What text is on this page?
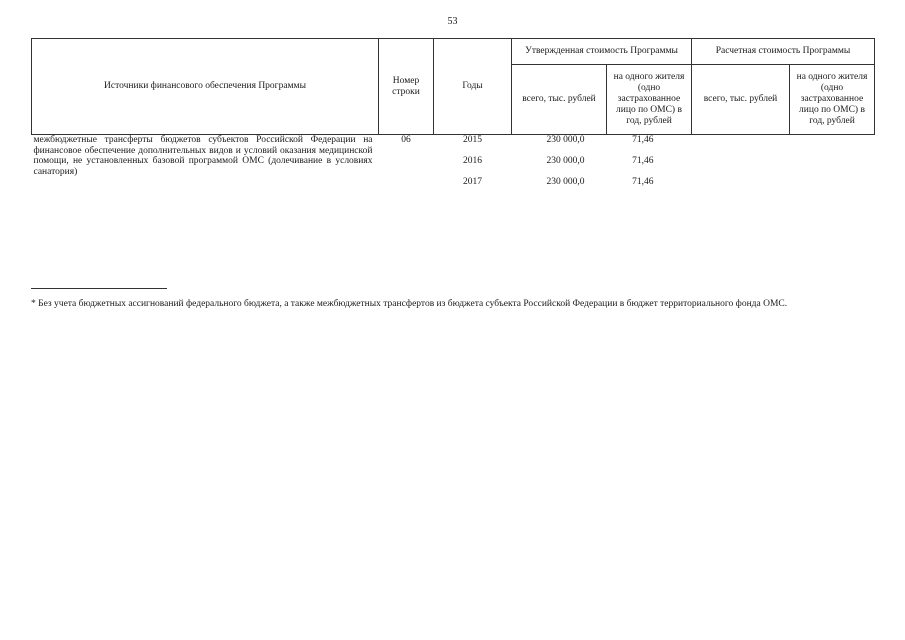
53
Источники финансового обеспечения Программы	Номер строки	Годы	Утвержденная стоимость Программы		Расчетная стоимость Программы	
			всего, тыс. рублей	на одного жителя (одно застрахованное лицо по ОМС) в год, рублей	всего, тыс. рублей	на одного жителя (одно застрахованное лицо по ОМС) в год, рублей
межбюджетные трансферты бюджетов субъектов Российской Федерации на финансовое обеспечение дополнительных видов и условий оказания медицинской помощи, не установленных базовой программой ОМС (долечивание в условиях санатория)	06	2015	230 000,0	71,46		
		2016	230 000,0	71,46		
		2017	230 000,0	71,46		
* Без учета бюджетных ассигнований федерального бюджета, а также межбюджетных трансфертов из бюджета субъекта Российской Федерации в бюджет территориального фонда ОМС.
